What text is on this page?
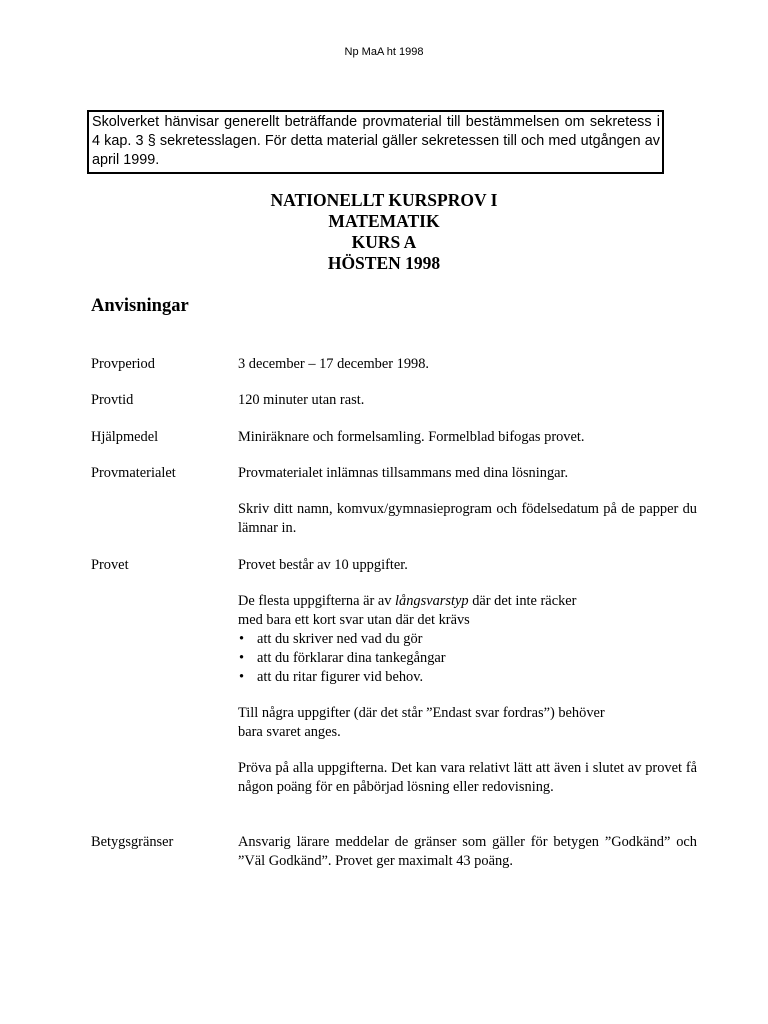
Np MaA ht 1998
Skolverket hänvisar generellt beträffande provmaterial till bestämmelsen om sekretess i 4 kap. 3 § sekretesslagen. För detta material gäller sekretessen till och med utgången av april 1999.
NATIONELLT KURSPROV I
MATEMATIK
KURS A
HÖSTEN 1998
Anvisningar
Provperiod	3 december – 17 december 1998.

Provtid	120 minuter utan rast.

Hjälpmedel	Miniräknare och formelsamling. Formelblad bifogas provet.

Provmaterialet	Provmaterialet inlämnas tillsammans med dina lösningar.

Skriv ditt namn, komvux/gymnasieprogram och födelsedatum på de papper du lämnar in.

Provet	Provet består av 10 uppgifter.

De flesta uppgifterna är av långsvarstyp där det inte räcker

med bara ett kort svar utan där det krävs

• att du skriver ned vad du gör
• att du förklarar dina tankegångar
• att du ritar figurer vid behov.

Till några uppgifter (där det står ”Endast svar fordras”) behöver

bara svaret anges.

Pröva på alla uppgifterna. Det kan vara relativt lätt att även i slutet av provet få någon poäng för en påbörjad lösning eller redovisning.

Betygsgränser	Ansvarig lärare meddelar de gränser som gäller för betygen ”Godkänd” och ”Väl Godkänd”. Provet ger maximalt 43 poäng.
